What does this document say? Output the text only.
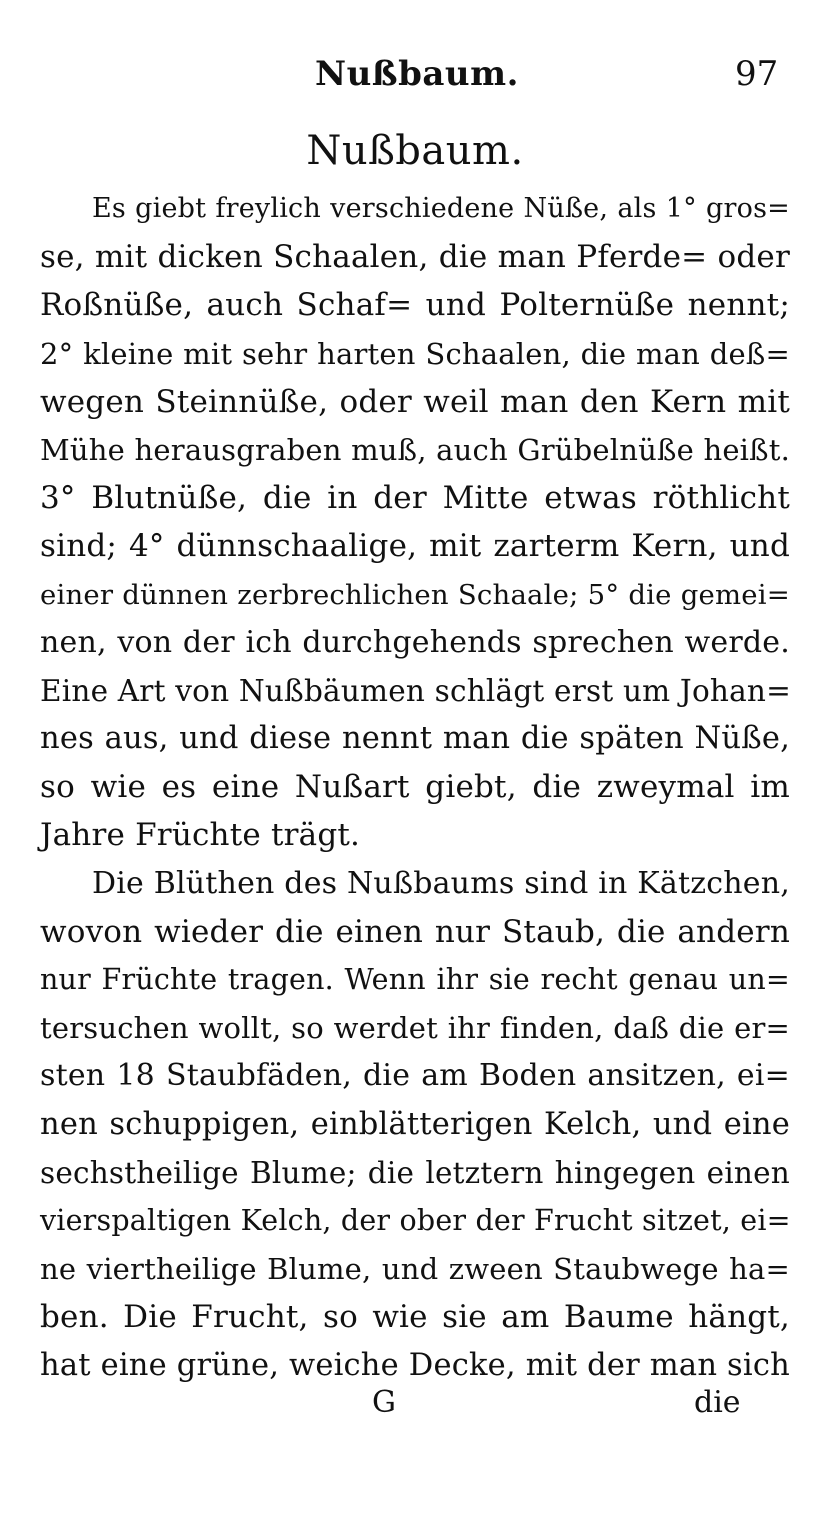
Nußbaum.	97
Nußbaum.
Es giebt freylich verschiedene Nüße, als 1° gros=
se, mit dicken Schaalen, die man Pferde= oder
Roßnüße, auch Schaf= und Polternüße nennt;
2° kleine mit sehr harten Schaalen, die man deß=
wegen Steinnüße, oder weil man den Kern mit
Mühe herausgraben muß, auch Grübelnüße heißt.
3° Blutnüße, die in der Mitte etwas röthlicht
sind; 4° dünnschaalige, mit zarterm Kern, und
einer dünnen zerbrechlichen Schaale; 5° die gemei=
nen, von der ich durchgehends sprechen werde.
Eine Art von Nußbäumen schlägt erst um Johan=
nes aus, und diese nennt man die späten Nüße,
so wie es eine Nußart giebt, die zweymal im
Jahre Früchte trägt.
Die Blüthen des Nußbaums sind in Kätzchen,
wovon wieder die einen nur Staub, die andern
nur Früchte tragen. Wenn ihr sie recht genau un=
tersuchen wollt, so werdet ihr finden, daß die er=
sten 18 Staubfäden, die am Boden ansitzen, ei=
nen schuppigen, einblätterigen Kelch, und eine
sechstheilige Blume; die letztern hingegen einen
vierspaltigen Kelch, der ober der Frucht sitzet, ei=
ne viertheilige Blume, und zween Staubwege ha=
ben. Die Frucht, so wie sie am Baume hängt,
hat eine grüne, weiche Decke, mit der man sich
G	die
